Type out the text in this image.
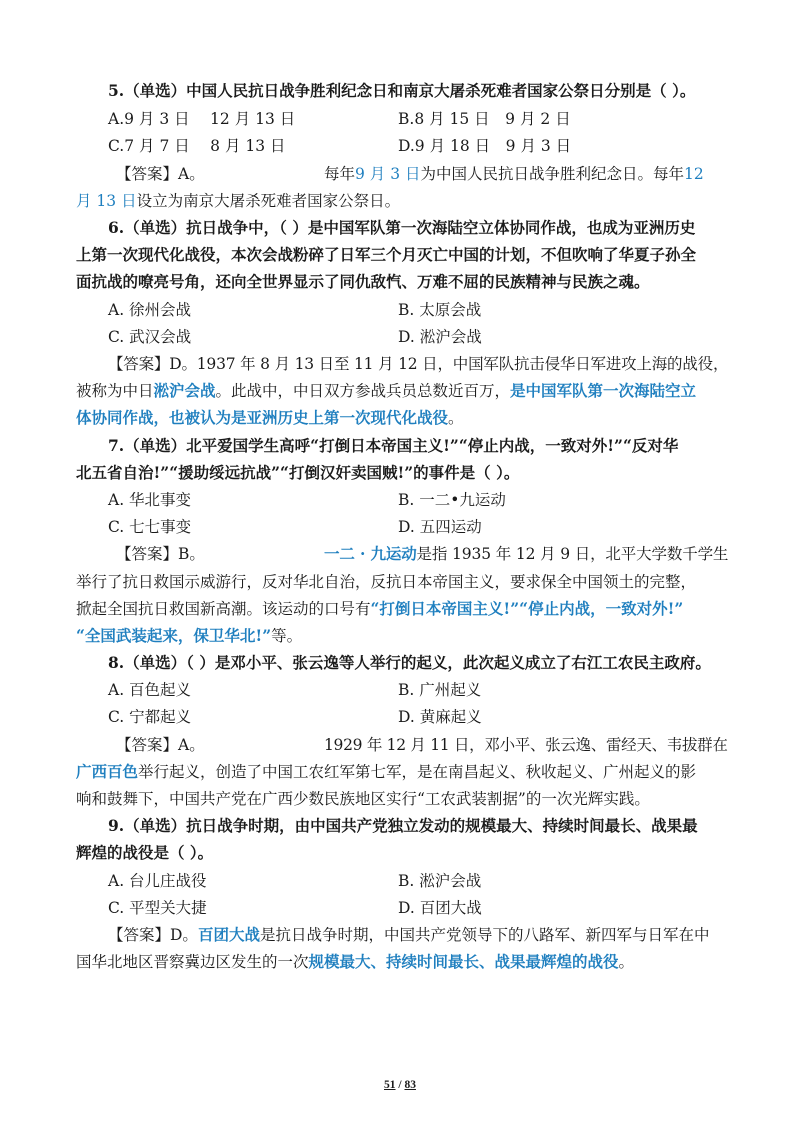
5.（单选）中国人民抗日战争胜利纪念日和南京大屠杀死难者国家公祭日分别是（ ）。
A.9 月 3 日　 12 月 13 日	B.8 月 15 日　9 月 2 日
C.7 月 7 日　 8 月 13 日	D.9 月 18 日　9 月 3 日
【答案】A。	每年9 月 3 日为中国人民抗日战争胜利纪念日。每年12
月 13 日设立为南京大屠杀死难者国家公祭日。
6.（单选）抗日战争中，（ ）是中国军队第一次海陆空立体协同作战，也成为亚洲历史
上第一次现代化战役，本次会战粉碎了日军三个月灭亡中国的计划，不但吹响了华夏子孙全
面抗战的嘹亮号角，还向全世界显示了同仇敌忾、万难不屈的民族精神与民族之魂。
A. 徐州会战	B. 太原会战
C. 武汉会战	D. 淞沪会战
【答案】D。1937 年 8 月 13 日至 11 月 12 日，中国军队抗击侵华日军进攻上海的战役，
被称为中日淞沪会战。此战中，中日双方参战兵员总数近百万，是中国军队第一次海陆空立
体协同作战，也被认为是亚洲历史上第一次现代化战役。
7.（单选）北平爱国学生高呼“打倒日本帝国主义!”“停止内战，一致对外!”“反对华
北五省自治!”“援助绥远抗战”“打倒汉奸卖国贼!”的事件是（ ）。
A. 华北事变	B. 一二•九运动
C. 七七事变	D. 五四运动
【答案】B。	一二 · 九运动是指 1935 年 12 月 9 日，北平大学数千学生
举行了抗日救国示威游行，反对华北自治，反抗日本帝国主义，要求保全中国领土的完整，
掀起全国抗日救国新高潮。该运动的口号有“打倒日本帝国主义!”“停止内战，一致对外!”
“全国武装起来，保卫华北!”等。
8.（单选）（ ）是邓小平、张云逸等人举行的起义，此次起义成立了右江工农民主政府。
A. 百色起义	B. 广州起义
C. 宁都起义	D. 黄麻起义
【答案】A。	1929 年 12 月 11 日，邓小平、张云逸、雷经天、韦拔群在
广西百色举行起义，创造了中国工农红军第七军，是在南昌起义、秋收起义、广州起义的影
响和鼓舞下，中国共产党在广西少数民族地区实行“工农武装割据”的一次光辉实践。
9.（单选）抗日战争时期，由中国共产党独立发动的规模最大、持续时间最长、战果最
辉煌的战役是（ ）。
A. 台儿庄战役	B. 淞沪会战
C. 平型关大捷	D. 百团大战
【答案】D。百团大战是抗日战争时期，中国共产党领导下的八路军、新四军与日军在中
国华北地区晋察冀边区发生的一次规模最大、持续时间最长、战果最辉煌的战役。
51 / 83
